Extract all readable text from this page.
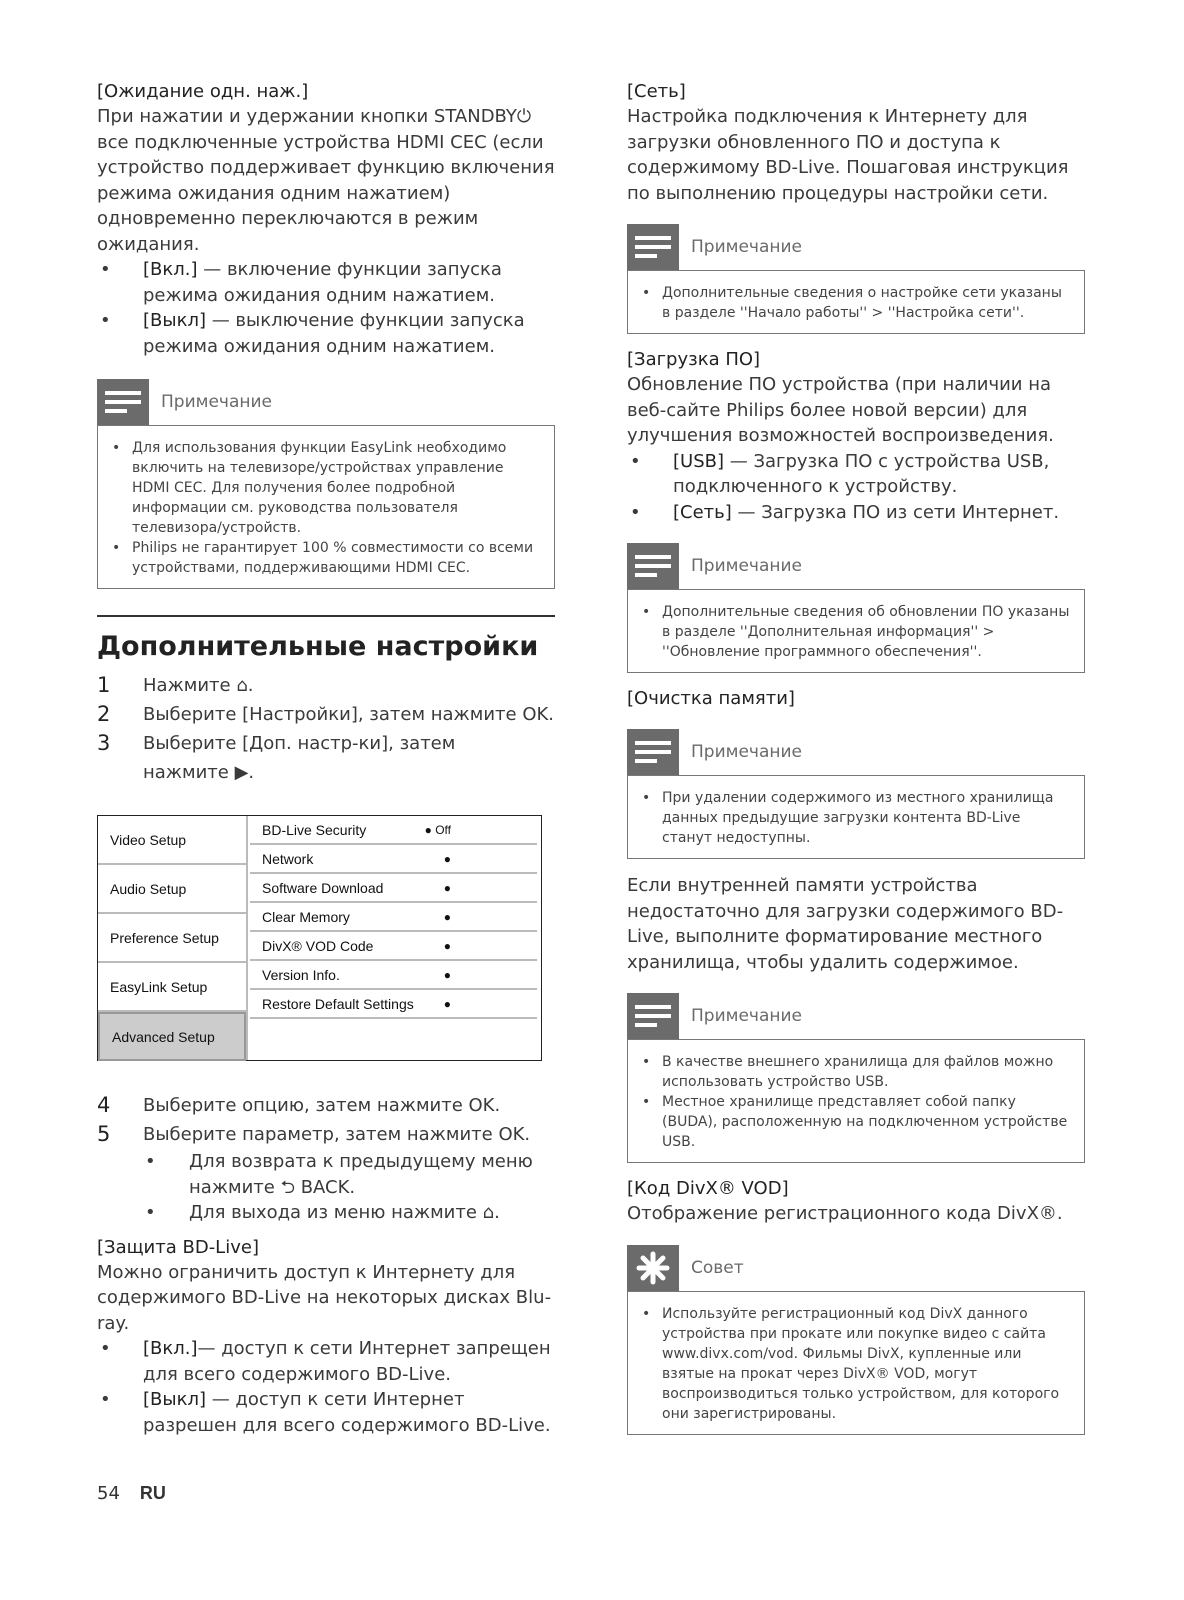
[Ожидание одн. наж.]

При нажатии и удержании кнопки STANDBY⏻ все подключенные устройства HDMI CEC (если устройство поддерживает функцию включения режима ожидания одним нажатием) одновременно переключаются в режим ожидания.

• [Вкл.] — включение функции запуска режима ожидания одним нажатием.
• [Выкл] — выключение функции запуска режима ожидания одним нажатием.
Примечание
• Для использования функции EasyLink необходимо включить на телевизоре/устройствах управление HDMI CEC. Для получения более подробной информации см. руководства пользователя телевизора/устройств.
• Philips не гарантирует 100 % совместимости со всеми устройствами, поддерживающими HDMI CEC.
Дополнительные настройки
1	Нажмите ⌂.
2	Выберите [Настройки], затем нажмите OK.
3	Выберите [Доп. настр-ки], затем нажмите ▶.
Video Setup
Audio Setup
Preference Setup
EasyLink Setup
Advanced Setup
BD-Live Security	● Off
Network	●
Software Download	●
Clear Memory	●
DivX® VOD Code	●
Version Info.	●
Restore Default Settings	●
4	Выберите опцию, затем нажмите OK.
5	Выберите параметр, затем нажмите OK.
• Для возврата к предыдущему меню нажмите ⮌ BACK.
• Для выхода из меню нажмите ⌂.

[Защита BD-Live]

Можно ограничить доступ к Интернету для содержимого BD-Live на некоторых дисках Blu-ray.

• [Вкл.]— доступ к сети Интернет запрещен для всего содержимого BD-Live.
• [Выкл] — доступ к сети Интернет разрешен для всего содержимого BD-Live.

[Сеть]

Настройка подключения к Интернету для загрузки обновленного ПО и доступа к содержимому BD-Live. Пошаговая инструкция по выполнению процедуры настройки сети.

Примечание
• Дополнительные сведения о настройке сети указаны в разделе ''Начало работы'' > ''Настройка сети''.

[Загрузка ПО]

Обновление ПО устройства (при наличии на веб-сайте Philips более новой версии) для улучшения возможностей воспроизведения.

• [USB] — Загрузка ПО с устройства USB, подключенного к устройству.
• [Сеть] — Загрузка ПО из сети Интернет.
Примечание
• Дополнительные сведения об обновлении ПО указаны в разделе ''Дополнительная информация'' > ''Обновление программного обеспечения''.

[Очистка памяти]

Примечание
• При удалении содержимого из местного хранилища данных предыдущие загрузки контента BD-Live станут недоступны.

Если внутренней памяти устройства недостаточно для загрузки содержимого BD-Live, выполните форматирование местного хранилища, чтобы удалить содержимое.

Примечание
• В качестве внешнего хранилища для файлов можно использовать устройство USB.
• Местное хранилище представляет собой папку (BUDA), расположенную на подключенном устройстве USB.

[Код DivX® VOD]

Отображение регистрационного кода DivX®.

Совет
• Используйте регистрационный код DivX данного устройства при прокате или покупке видео с сайта www.divx.com/vod. Фильмы DivX, купленные или взятые на прокат через DivX® VOD, могут воспроизводиться только устройством, для которого они зарегистрированы.
54 RU
